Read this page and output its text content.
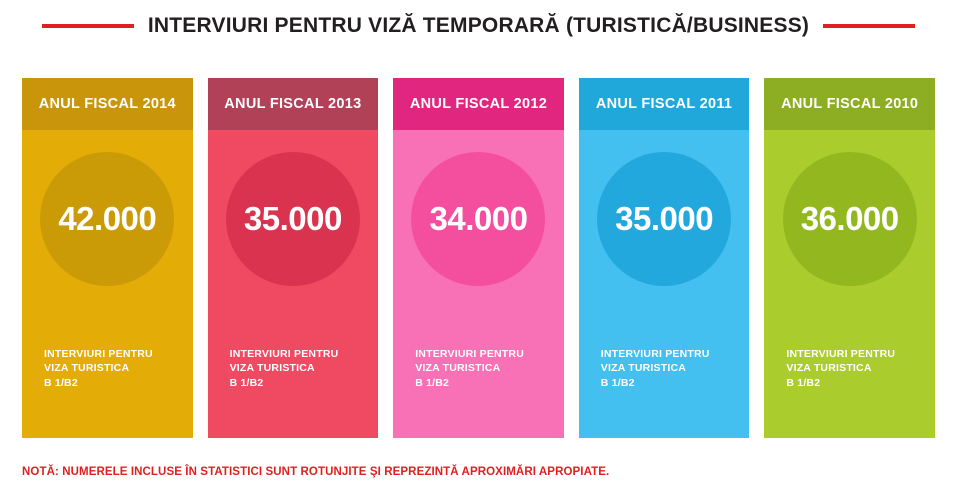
INTERVIURI PENTRU VIZĂ TEMPORARĂ (TURISTICĂ/BUSINESS)
ANUL FISCAL 2014
42.000
INTERVIURI PENTRU
VIZA TURISTICA
B 1/B2
ANUL FISCAL 2013
35.000
INTERVIURI PENTRU
VIZA TURISTICA
B 1/B2
ANUL FISCAL 2012
34.000
INTERVIURI PENTRU
VIZA TURISTICA
B 1/B2
ANUL FISCAL 2011
35.000
INTERVIURI PENTRU
VIZA TURISTICA
B 1/B2
ANUL FISCAL 2010
36.000
INTERVIURI PENTRU
VIZA TURISTICA
B 1/B2
NOTĂ: NUMERELE INCLUSE ÎN STATISTICI SUNT ROTUNJITE ŞI REPREZINTĂ APROXIMĂRI APROPIATE.
